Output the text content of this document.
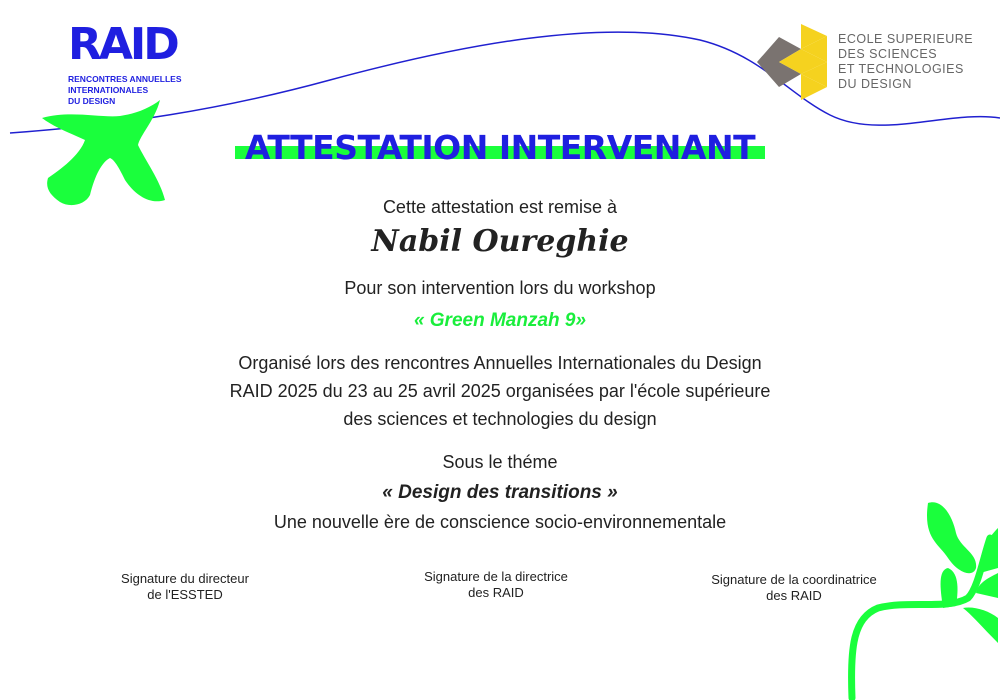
RAID
RENCONTRES ANNUELLES
INTERNATIONALES
DU DESIGN
ECOLE SUPERIEURE
DES SCIENCES
ET TECHNOLOGIES
DU DESIGN
ATTESTATION INTERVENANT
Cette attestation est remise à
Nabil Oureghie
Pour son intervention lors du workshop
« Green Manzah 9»
Organisé lors des rencontres Annuelles Internationales du Design
RAID 2025 du 23 au 25 avril 2025 organisées par l'école supérieure
des sciences et technologies du design
Sous le théme
« Design des transitions »
Une nouvelle ère de conscience socio-environnementale
Signature du directeur
de l'ESSTED
Signature de la directrice
des RAID
Signature de la coordinatrice
des RAID
